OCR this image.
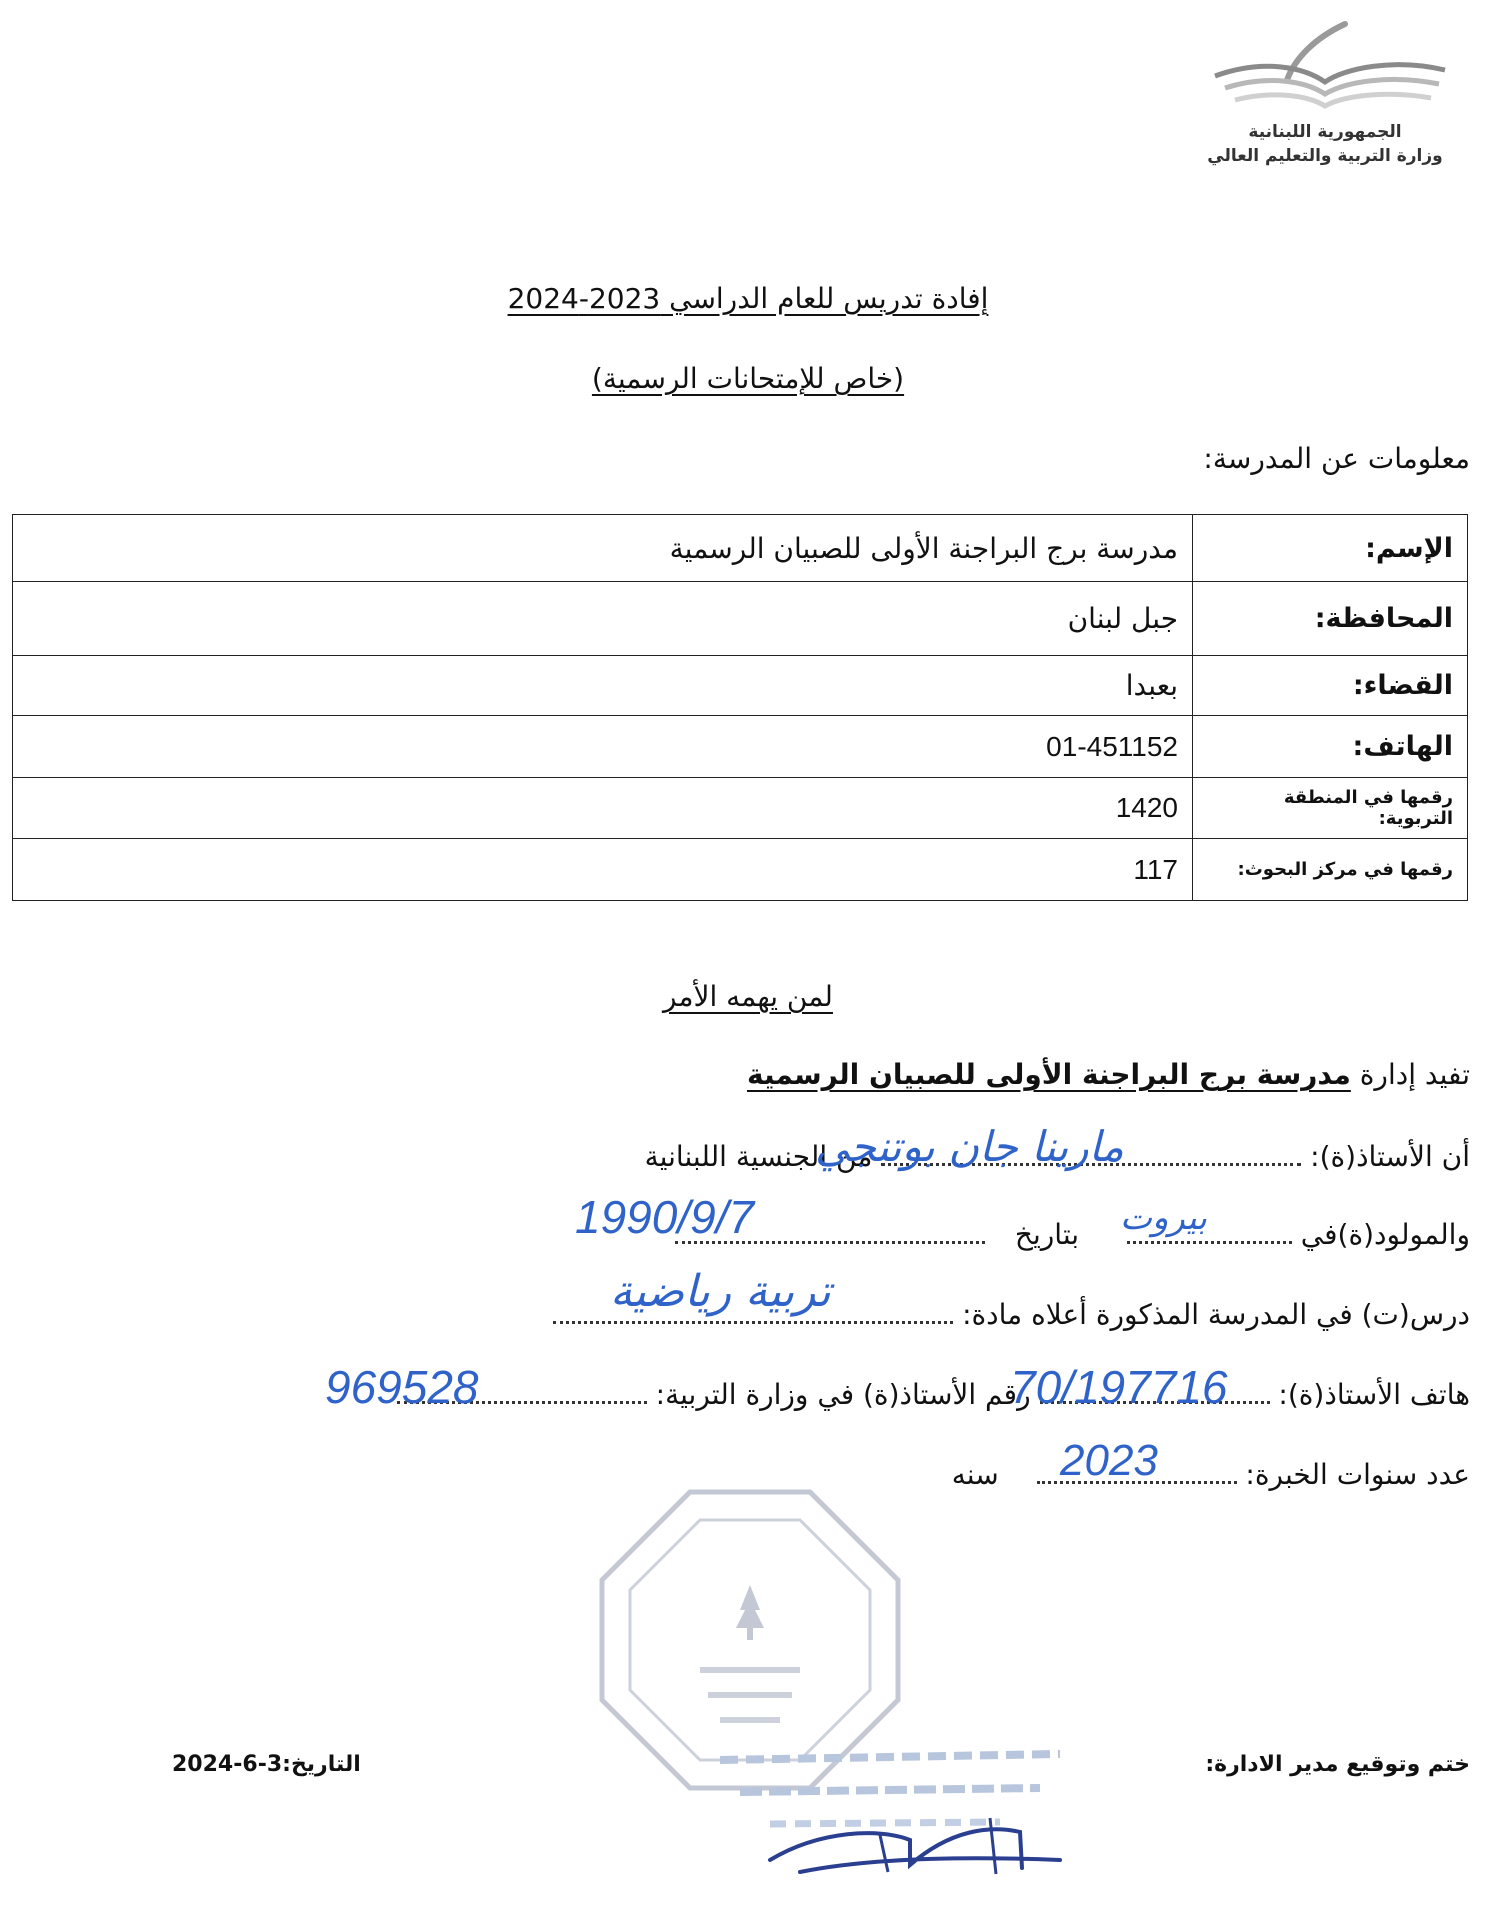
الجمهورية اللبنانية
وزارة التربية والتعليم العالي
إفادة تدريس للعام الدراسي 2023-2024
(خاص للإمتحانات الرسمية)
معلومات عن المدرسة:
الإسم:	مدرسة برج البراجنة الأولى للصبيان الرسمية
المحافظة:	جبل لبنان
القضاء:	بعبدا
الهاتف:	01-451152
رقمها في المنطقة التربوية:	1420
رقمها في مركز البحوث:	117
لمن يهمه الأمر
تفيد إدارة مدرسة برج البراجنة الأولى للصبيان الرسمية
أن الأستاذ(ة):  من الجنسية اللبنانية
والمولود(ة)في   بتاريخ
درس(ت) في المدرسة المذكورة أعلاه مادة:
هاتف الأستاذ(ة):  رقم الأستاذ(ة) في وزارة التربية:
عدد سنوات الخبرة:   سنه
مارينا جان بوتنجي
بيروت
1990/9/7
تربية رياضية
969528	70/197716
2023
ختم وتوقيع مدير الادارة:
التاريخ:3-6-2024
